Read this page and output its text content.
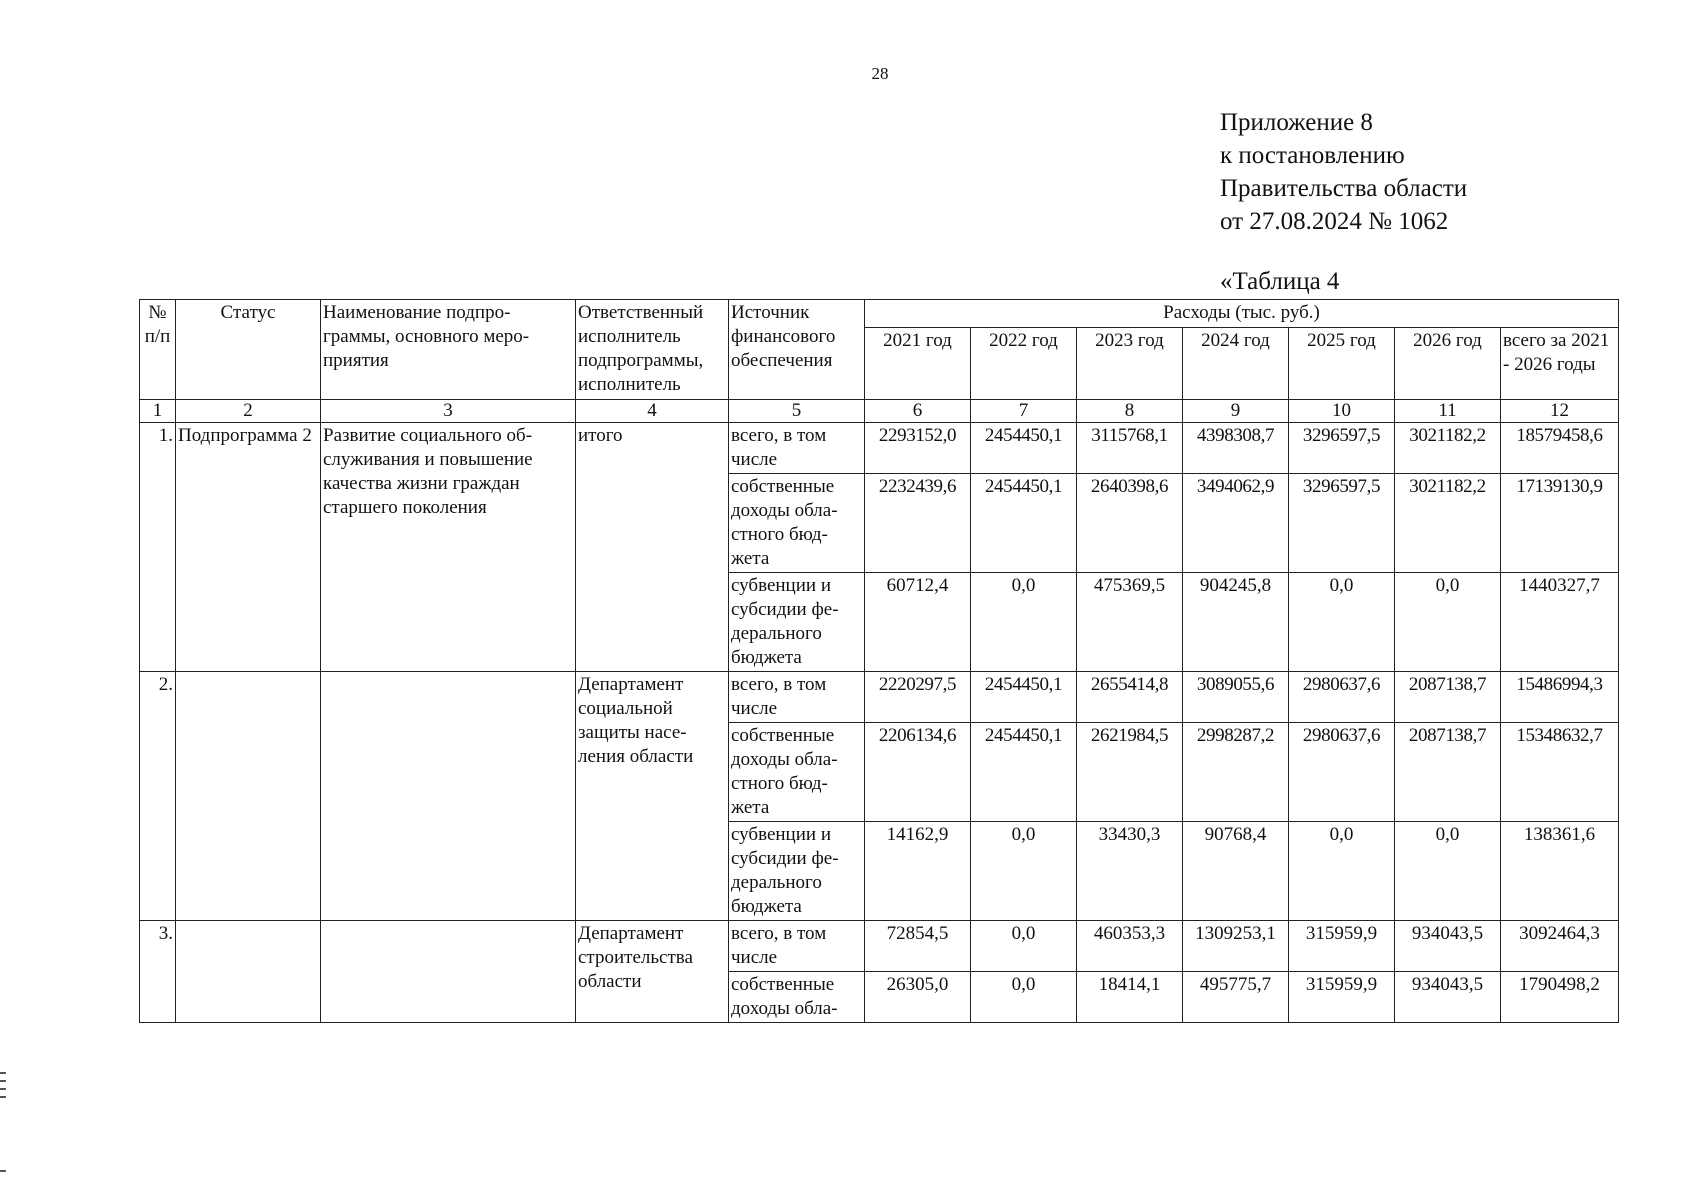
28
Приложение 8
к постановлению
Правительства области
от 27.08.2024 № 1062
«Таблица 4
№ п/п	Статус	Наименование подпро-граммы, основного меро-приятия	Ответственный исполнитель подпрограммы, исполнитель	Источник финансового обеспечения	Расходы (тыс. руб.)						
					2021 год	2022 год	2023 год	2024 год	2025 год	2026 год	всего за 2021 - 2026 годы
1	2	3	4	5	6	7	8	9	10	11	12
1.	Подпрограмма 2	Развитие социального об-служивания и повышение качества жизни граждан старшего поколения	итого	всего, в том числе	2293152,0	2454450,1	3115768,1	4398308,7	3296597,5	3021182,2	18579458,6
				собственные доходы обла-стного бюд-жета	2232439,6	2454450,1	2640398,6	3494062,9	3296597,5	3021182,2	17139130,9
				субвенции и субсидии фе-дерального бюджета	60712,4	0,0	475369,5	904245,8	0,0	0,0	1440327,7
2.			Департамент социальной защиты насе-ления области	всего, в том числе	2220297,5	2454450,1	2655414,8	3089055,6	2980637,6	2087138,7	15486994,3
				собственные доходы обла-стного бюд-жета	2206134,6	2454450,1	2621984,5	2998287,2	2980637,6	2087138,7	15348632,7
				субвенции и субсидии фе-дерального бюджета	14162,9	0,0	33430,3	90768,4	0,0	0,0	138361,6
3.			Департамент строительства области	всего, в том числе	72854,5	0,0	460353,3	1309253,1	315959,9	934043,5	3092464,3
				собственные доходы обла-	26305,0	0,0	18414,1	495775,7	315959,9	934043,5	1790498,2
